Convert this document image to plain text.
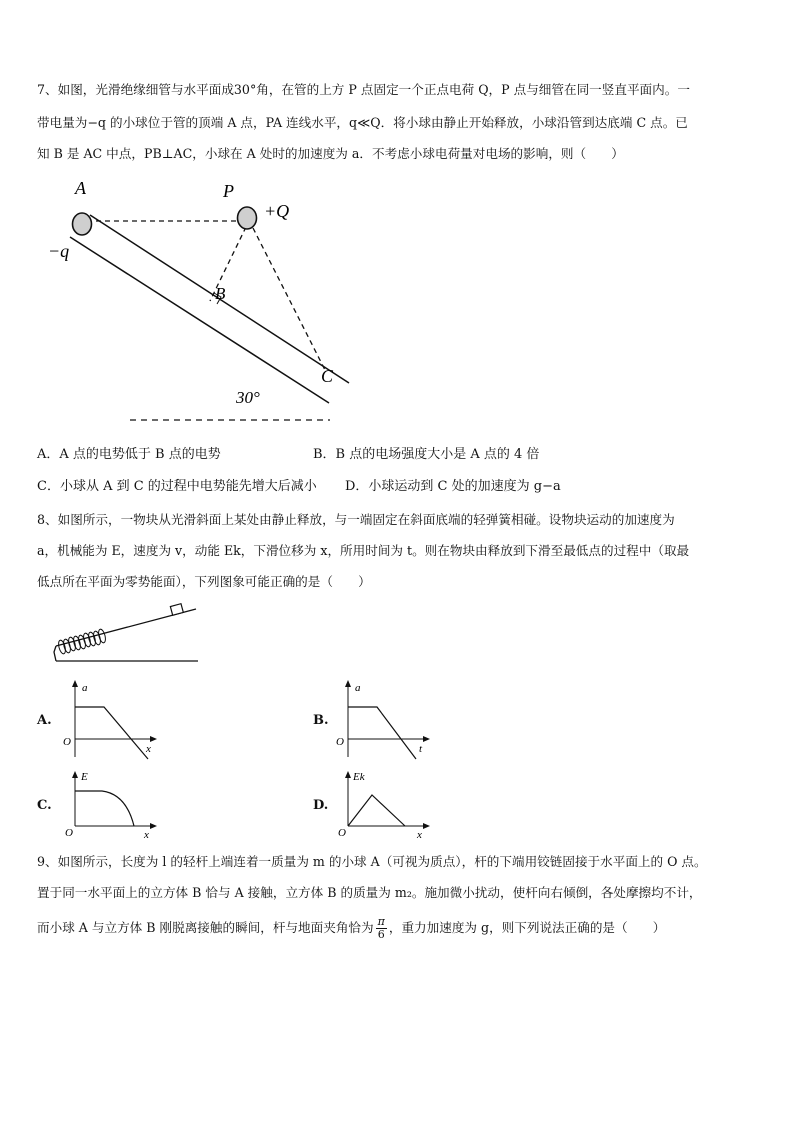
7、如图，光滑绝缘细管与水平面成30°角，在管的上方 P 点固定一个正点电荷 Q，P 点与细管在同一竖直平面内。一
带电量为−q 的小球位于管的顶端 A 点，PA 连线水平，q≪Q．将小球由静止开始释放，小球沿管到达底端 C 点。已
知 B 是 AC 中点，PB⊥AC，小球在 A 处时的加速度为 a．不考虑小球电荷量对电场的影响，则（　　）
A	P
+Q
−q
B
C
30°
A．A 点的电势低于 B 点的电势	B．B 点的电场强度大小是 A 点的 4 倍
C．小球从 A 到 C 的过程中电势能先增大后减小 D．小球运动到 C 处的加速度为 g−a
8、如图所示，一物块从光滑斜面上某处由静止释放，与一端固定在斜面底端的轻弹簧相碰。设物块运动的加速度为
a，机械能为 E，速度为 v，动能 Ek，下滑位移为 x，所用时间为 t。则在物块由释放到下滑至最低点的过程中（取最
低点所在平面为零势能面），下列图象可能正确的是（　　）
A.
a
O
x
B.
a
O
t
C.
E
O	x
D.
Ek
O	x
9、如图所示，长度为 l 的轻杆上端连着一质量为 m 的小球 A（可视为质点），杆的下端用铰链固接于水平面上的 O 点。
置于同一水平面上的立方体 B 恰与 A 接触，立方体 B 的质量为 m₂。施加微小扰动，使杆向右倾倒，各处摩擦均不计，
而小球 A 与立方体 B 刚脱离接触的瞬间，杆与地面夹角恰为 $\frac{\pi}{6}$ ，重力加速度为 g，则下列说法正确的是（　　）
